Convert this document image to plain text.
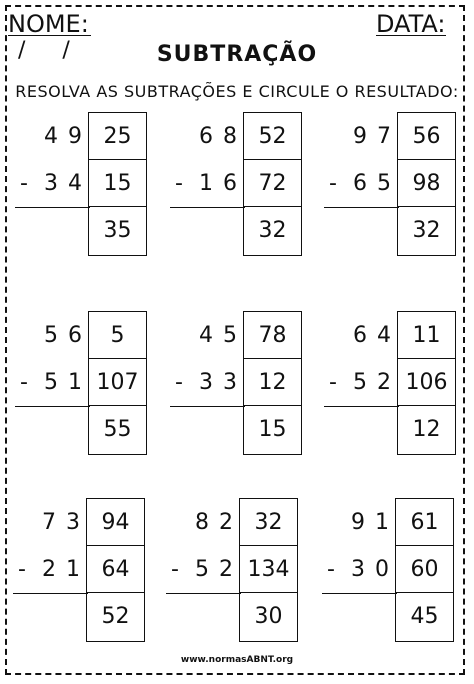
NOME:	DATA:
/ /	SUBTRAÇÃO
RESOLVA AS SUBTRAÇÕES E CIRCULE O RESULTADO:
4 9
- 3 4
25
15
35
6 8
- 1 6
52
72
32
9 7
- 6 5
56
98
32
5 6
- 5 1
5
107
55
4 5
- 3 3
78
12
15
6 4
- 5 2
11
106
12
7 3
- 2 1
94
64
52
8 2
- 5 2
32
134
30
9 1
- 3 0
61
60
45
www.normasABNT.org
